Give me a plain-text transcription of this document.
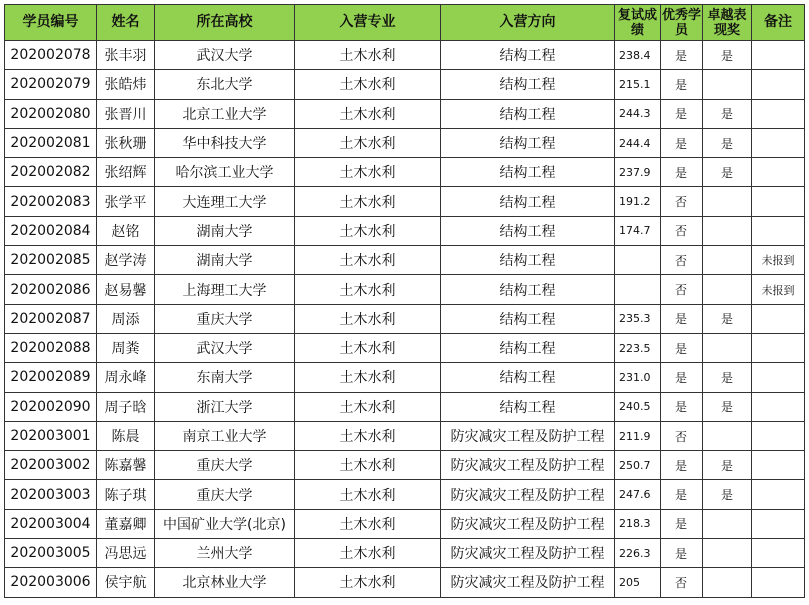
学员编号	姓名	所在高校	入营专业	入营方向	复试成绩	优秀学员	卓越表现奖	备注
202002078	张丰羽	武汉大学	土木水利	结构工程	238.4	是	是	
202002079	张皓炜	东北大学	土木水利	结构工程	215.1	是		
202002080	张晋川	北京工业大学	土木水利	结构工程	244.3	是	是	
202002081	张秋珊	华中科技大学	土木水利	结构工程	244.4	是	是	
202002082	张绍辉	哈尔滨工业大学	土木水利	结构工程	237.9	是	是	
202002083	张学平	大连理工大学	土木水利	结构工程	191.2	否		
202002084	赵铭	湖南大学	土木水利	结构工程	174.7	否		
202002085	赵学涛	湖南大学	土木水利	结构工程		否		未报到
202002086	赵易馨	上海理工大学	土木水利	结构工程		否		未报到
202002087	周添	重庆大学	土木水利	结构工程	235.3	是	是	
202002088	周粪	武汉大学	土木水利	结构工程	223.5	是		
202002089	周永峰	东南大学	土木水利	结构工程	231.0	是	是	
202002090	周子晗	浙江大学	土木水利	结构工程	240.5	是	是	
202003001	陈晨	南京工业大学	土木水利	防灾减灾工程及防护工程	211.9	否		
202003002	陈嘉馨	重庆大学	土木水利	防灾减灾工程及防护工程	250.7	是	是	
202003003	陈子琪	重庆大学	土木水利	防灾减灾工程及防护工程	247.6	是	是	
202003004	董嘉卿	中国矿业大学(北京)	土木水利	防灾减灾工程及防护工程	218.3	是		
202003005	冯思远	兰州大学	土木水利	防灾减灾工程及防护工程	226.3	是		
202003006	侯宇航	北京林业大学	土木水利	防灾减灾工程及防护工程	205	否		
